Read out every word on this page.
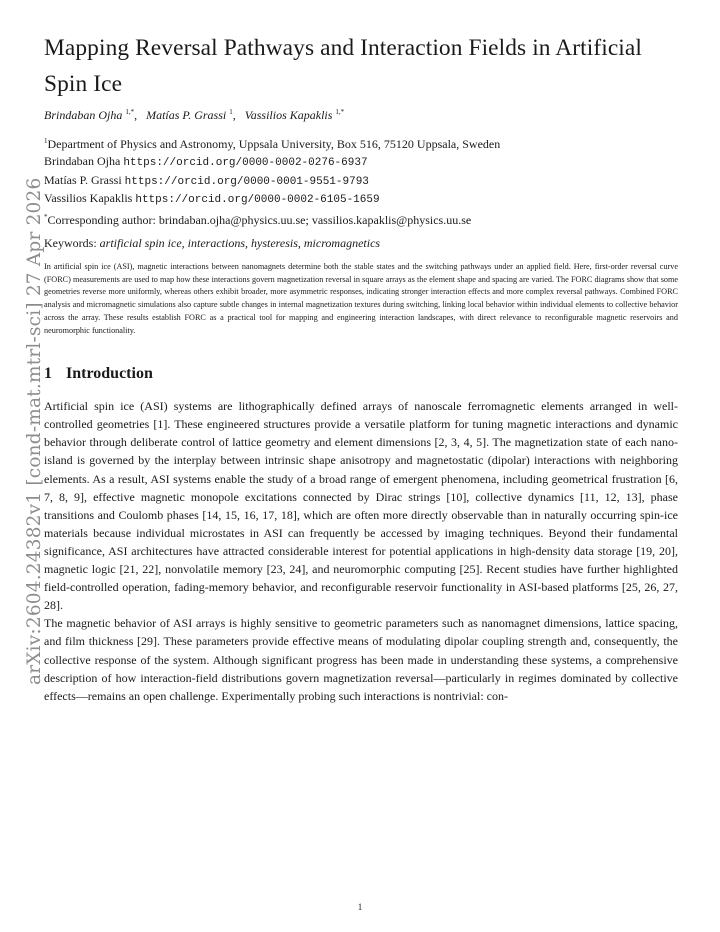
arXiv:2604.24382v1 [cond-mat.mtrl-sci] 27 Apr 2026
Mapping Reversal Pathways and Interaction Fields in Artificial Spin Ice

Brindaban Ojha $^{1,*}$,   Matías P. Grassi $^1$,   Vassilios Kapaklis $^{1,*}$

$^1$Department of Physics and Astronomy, Uppsala University, Box 516, 75120 Uppsala, Sweden

Brindaban Ojha https://orcid.org/0000-0002-0276-6937

Matías P. Grassi https://orcid.org/0000-0001-9551-9793

Vassilios Kapaklis https://orcid.org/0000-0002-6105-1659

*Corresponding author: brindaban.ojha@physics.uu.se; vassilios.kapaklis@physics.uu.se

Keywords: artificial spin ice, interactions, hysteresis, micromagnetics

In artificial spin ice (ASI), magnetic interactions between nanomagnets determine both the stable states and the switching pathways under an applied field. Here, first-order reversal curve (FORC) measurements are used to map how these interactions govern magnetization reversal in square arrays as the element shape and spacing are varied. The FORC diagrams show that some geometries reverse more uniformly, whereas others exhibit broader, more asymmetric responses, indicating stronger interaction effects and more complex reversal pathways. Combined FORC analysis and micromagnetic simulations also capture subtle changes in internal magnetization textures during switching, linking local behavior within individual elements to collective behavior across the array. These results establish FORC as a practical tool for mapping and engineering interaction landscapes, with direct relevance to reconfigurable magnetic reservoirs and neuromorphic functionality.

1 Introduction

Artificial spin ice (ASI) systems are lithographically defined arrays of nanoscale ferromagnetic elements arranged in well-controlled geometries [1]. These engineered structures provide a versatile platform for tuning magnetic interactions and dynamic behavior through deliberate control of lattice geometry and element dimensions [2, 3, 4, 5]. The magnetization state of each nano-island is governed by the interplay between intrinsic shape anisotropy and magnetostatic (dipolar) interactions with neighboring elements. As a result, ASI systems enable the study of a broad range of emergent phenomena, including geometrical frustration [6, 7, 8, 9], effective magnetic monopole excitations connected by Dirac strings [10], collective dynamics [11, 12, 13], phase transitions and Coulomb phases [14, 15, 16, 17, 18], which are often more directly observable than in naturally occurring spin-ice materials because individual microstates in ASI can frequently be accessed by imaging techniques. Beyond their fundamental significance, ASI architectures have attracted considerable interest for potential applications in high-density data storage [19, 20], magnetic logic [21, 22], nonvolatile memory [23, 24], and neuromorphic computing [25]. Recent studies have further highlighted field-controlled operation, fading-memory behavior, and reconfigurable reservoir functionality in ASI-based platforms [25, 26, 27, 28].

The magnetic behavior of ASI arrays is highly sensitive to geometric parameters such as nanomagnet dimensions, lattice spacing, and film thickness [29]. These parameters provide effective means of modulating dipolar coupling strength and, consequently, the collective response of the system. Although significant progress has been made in understanding these systems, a comprehensive description of how interaction-field distributions govern magnetization reversal—particularly in regimes dominated by collective effects—remains an open challenge. Experimentally probing such interactions is nontrivial: con-

1
